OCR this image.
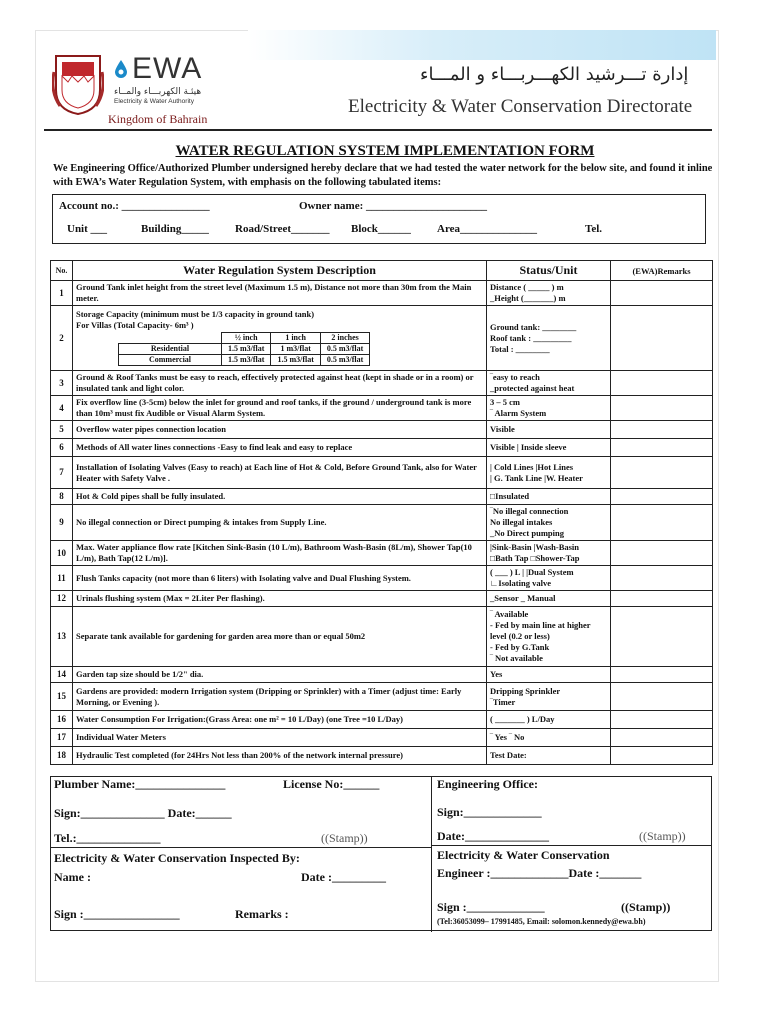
EWA
هيئـة الكهربـــاء والمــاء
Electricity & Water Authority
Kingdom of Bahrain
إدارة تـــرشيد الكهـــربـــاء و المـــاء
Electricity & Water Conservation Directorate
WATER REGULATION SYSTEM IMPLEMENTATION FORM
We Engineering Office/Authorized Plumber undersigned hereby declare that we had tested the water network for the below site, and found it inline with EWA’s Water Regulation System, with emphasis on the following tabulated items:
Account no.: ________________	Owner name: ______________________
Unit ___	Building_____ Road/Street_______ Block______ Area______________	Tel.
No.	Water Regulation System Description	Status/Unit	(EWA)Remarks
1	Ground Tank inlet height from the street level (Maximum 1.5 m), Distance not more than 30m from the Main meter.	Distance ( _____ ) m
_Height (_______) m	
2	
Storage Capacity (minimum must be 1/3 capacity in ground tank)
For Villas (Total Capacity- 6m³ )
	½ inch	1 inch	2 inches
Residential	1.5 m3/flat	1 m3/flat	0.5 m3/flat
Commercial	1.5 m3/flat	1.5 m3/flat	0.5 m3/flat
	Ground tank: ________
Roof tank : _________
Total : ________	
3	Ground & Roof Tanks must be easy to reach, effectively protected against heat (kept in shade or in a room) or insulated tank and light color.	‾easy to reach
_protected against heat	
4	Fix overflow line (3-5cm) below the inlet for ground and roof tanks, if the ground / underground tank is more than 10m³ must fix Audible or Visual Alarm System.	3 – 5 cm
‾ Alarm System	
5	Overflow water pipes connection location	Visible	
6	Methods of All water lines connections -Easy to find leak and easy to replace	Visible | Inside sleeve	
7	Installation of Isolating Valves (Easy to reach) at Each line of Hot & Cold, Before Ground Tank, also for Water Heater with Safety Valve .	| Cold Lines |Hot Lines
| G. Tank Line |W. Heater	
8	Hot & Cold pipes shall be fully insulated.	□Insulated	
9	No illegal connection or Direct pumping & intakes from Supply Line.	‾No illegal connection
No illegal intakes
_No Direct pumping	
10	Max. Water appliance flow rate [Kitchen Sink-Basin (10 L/m), Bathroom Wash-Basin (8L/m), Shower Tap(10 L/m), Bath Tap(12 L/m)].	|Sink-Basin |Wash-Basin
□Bath Tap □Shower-Tap	
11	Flush Tanks capacity (not more than 6 liters) with Isolating valve and Dual Flushing System.	( ___ ) L | |Dual System
∟Isolating valve	
12	Urinals flushing system (Max = 2Liter Per flashing).	_Sensor _ Manual	
13	Separate tank available for gardening for garden area more than or equal 50m2	‾ Available
- Fed by main line at higher level (0.2 or less)
- Fed by G.Tank
‾ Not available	
14	Garden tap size should be 1/2" dia.	Yes	
15	Gardens are provided: modern Irrigation system (Dripping or Sprinkler) with a Timer (adjust time: Early Morning, or Evening ).	Dripping Sprinkler
‾Timer	
16	Water Consumption For Irrigation:(Grass Area: one m² = 10 L/Day) (one Tree =10 L/Day)	( _______ ) L/Day	
17	Individual Water Meters	‾ Yes ‾ No	
18	Hydraulic Test completed (for 24Hrs Not less than 200% of the network internal pressure)	Test Date:	
Plumber Name:_______________	License No:______
Sign:______________ Date:______
Tel.:______________	((Stamp))
Electricity & Water Conservation Inspected By:
Name :	Date :_________
Sign :________________	Remarks :
Engineering Office:
Sign:_____________
Date:______________	((Stamp))
Electricity & Water Conservation
Engineer :_____________Date :_______
Sign :_____________	((Stamp))
(Tel:36053099– 17991485, Email: solomon.kennedy@ewa.bh)
